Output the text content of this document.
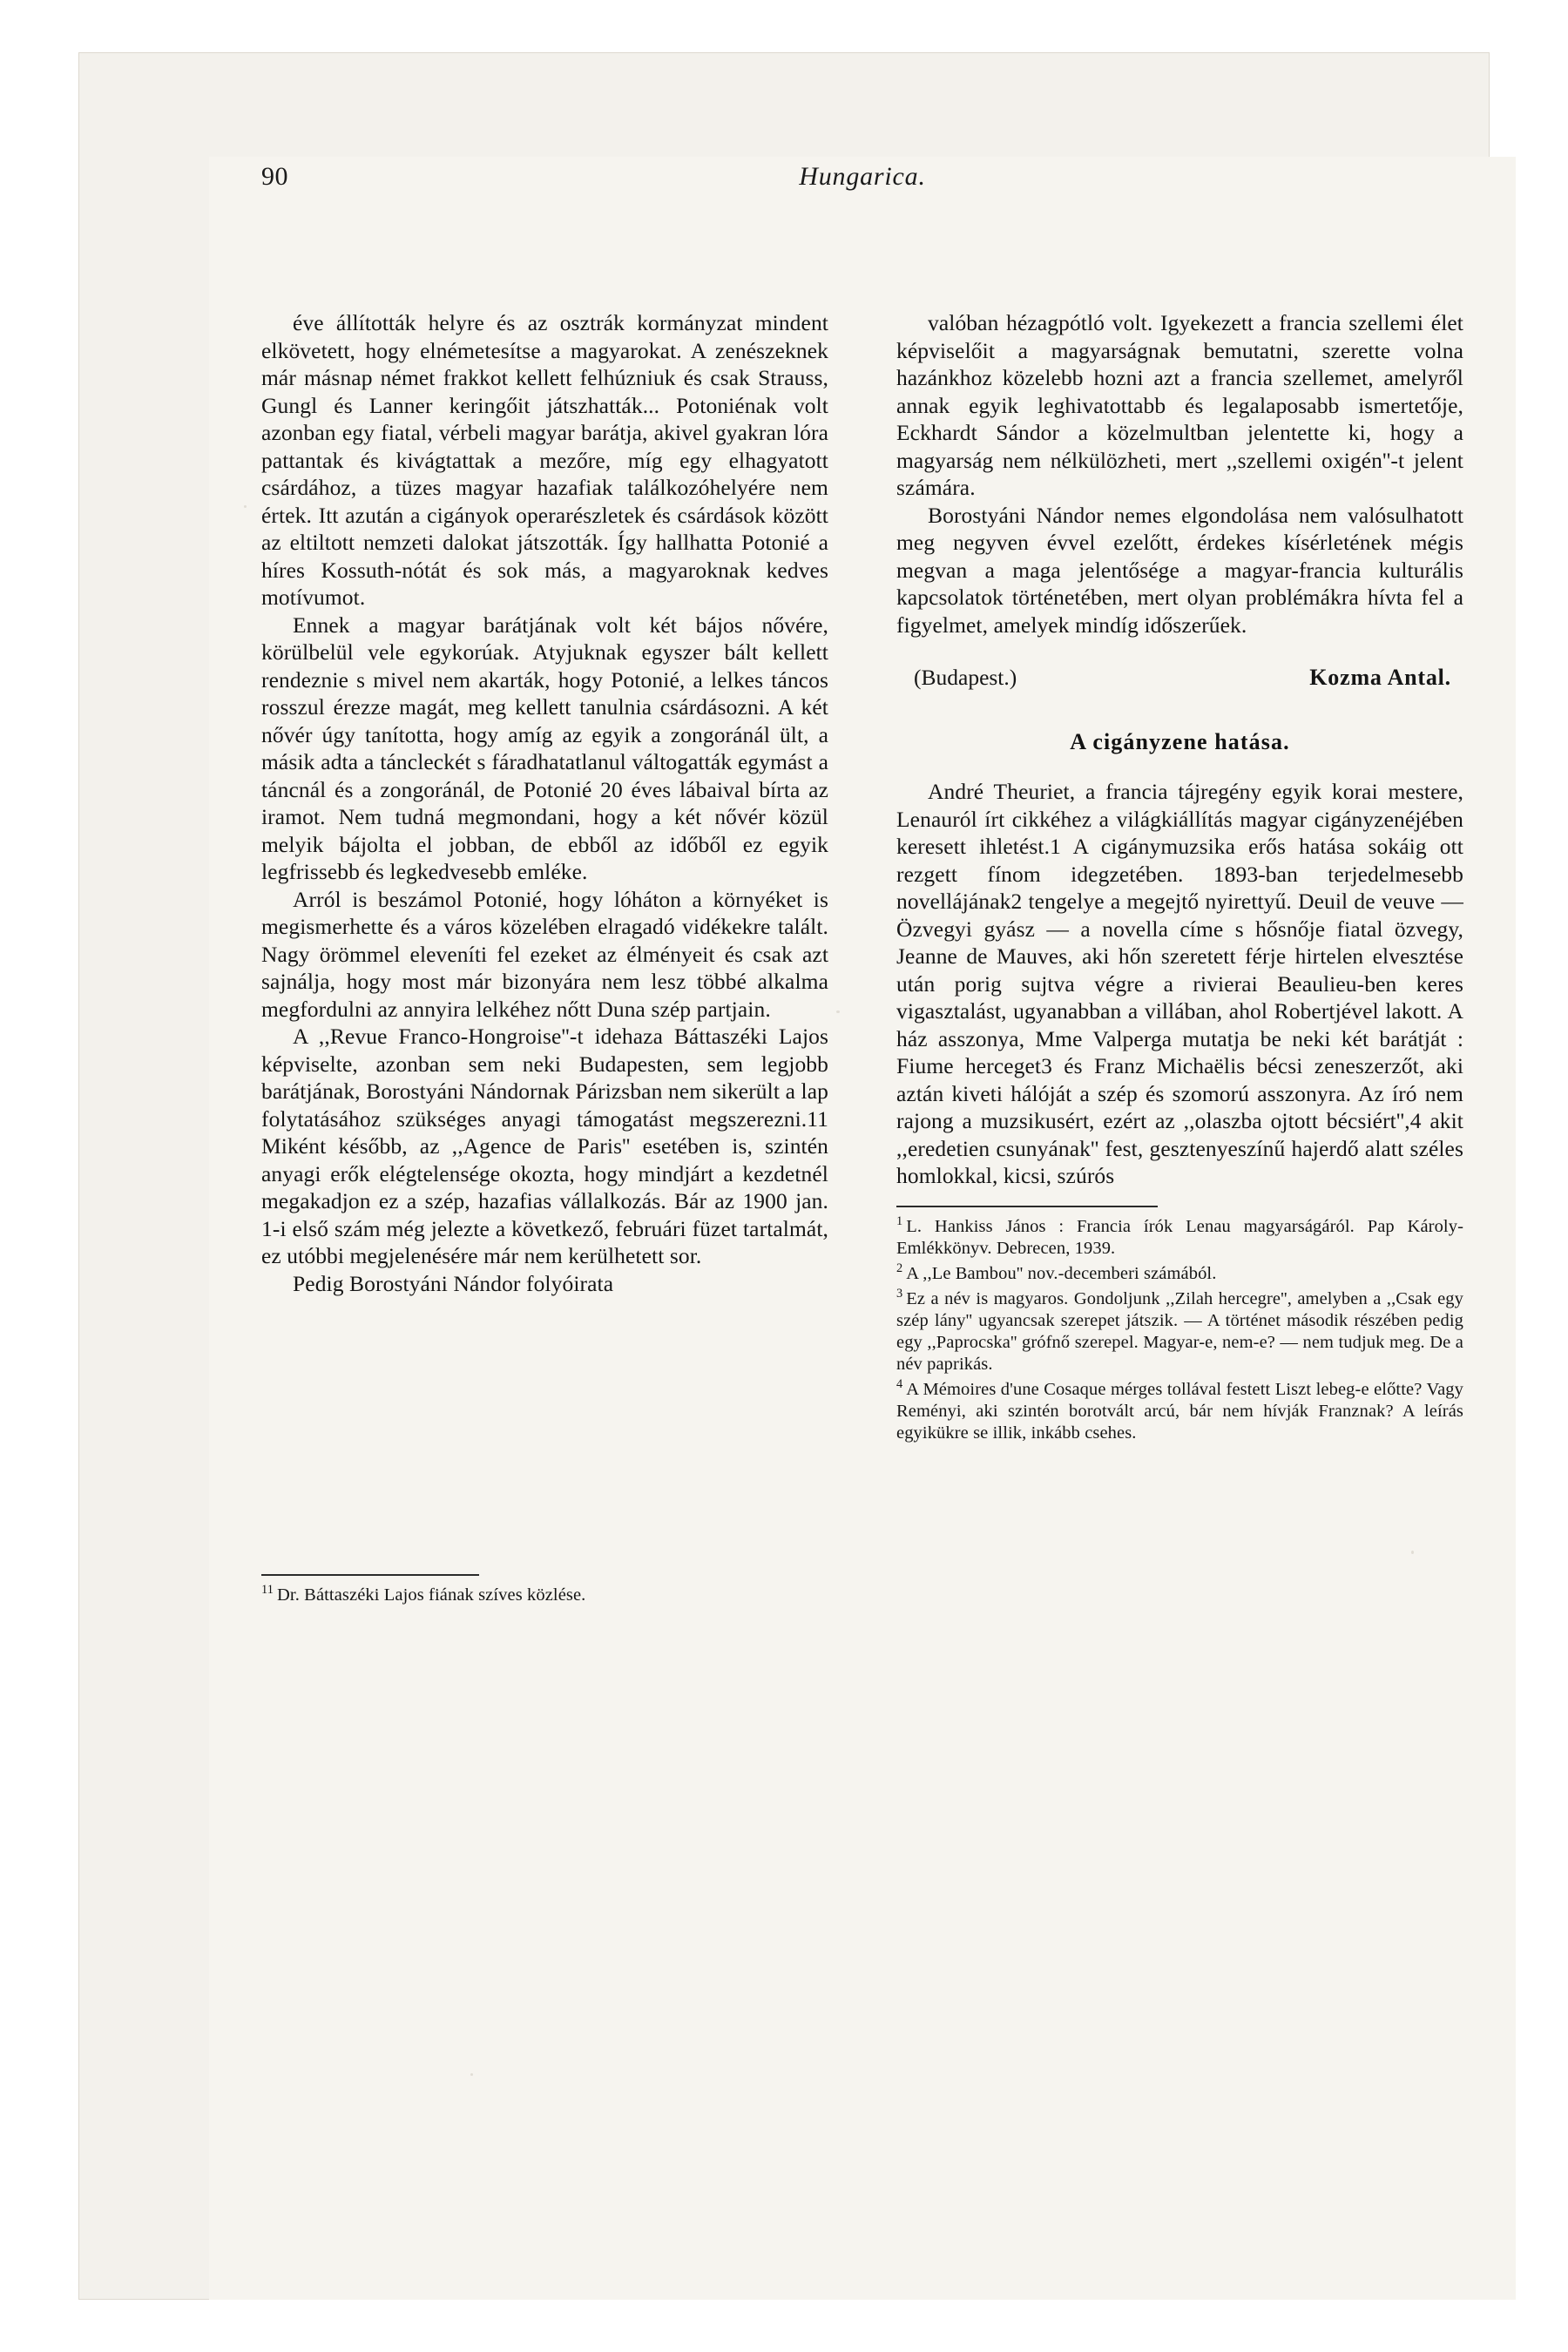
90	Hungarica.

éve állították helyre és az osztrák kormányzat mindent elkövetett, hogy elnémetesítse a magyarokat. A zenészeknek már másnap német frakkot kellett felhúzniuk és csak Strauss, Gungl és Lanner keringőit játszhatták... Potoniénak volt azonban egy fiatal, vérbeli magyar barátja, akivel gyakran lóra pattantak és kivágtattak a mezőre, míg egy elhagyatott csárdához, a tüzes magyar hazafiak találkozóhelyére nem értek. Itt azután a cigányok operarészletek és csárdások között az eltiltott nemzeti dalokat játszották. Így hallhatta Potonié a híres Kossuth-nótát és sok más, a magyaroknak kedves motívumot.

Ennek a magyar barátjának volt két bájos nővére, körülbelül vele egykorúak. Atyjuknak egyszer bált kellett rendeznie s mivel nem akarták, hogy Potonié, a lelkes táncos rosszul érezze magát, meg kellett tanulnia csárdásozni. A két nővér úgy tanította, hogy amíg az egyik a zongoránál ült, a másik adta a táncleckét s fáradhatatlanul váltogatták egymást a táncnál és a zongoránál, de Potonié 20 éves lábaival bírta az iramot. Nem tudná megmondani, hogy a két nővér közül melyik bájolta el jobban, de ebből az időből ez egyik legfrissebb és legkedvesebb emléke.

Arról is beszámol Potonié, hogy lóháton a környéket is megismerhette és a város közelében elragadó vidékekre talált. Nagy örömmel eleveníti fel ezeket az élményeit és csak azt sajnálja, hogy most már bizonyára nem lesz többé alkalma megfordulni az annyira lelkéhez nőtt Duna szép partjain.

A ,,Revue Franco-Hongroise''-t idehaza Báttaszéki Lajos képviselte, azonban sem neki Budapesten, sem legjobb barátjának, Borostyáni Nándornak Párizsban nem sikerült a lap folytatásához szükséges anyagi támogatást megszerezni.11 Miként később, az ,,Agence de Paris'' esetében is, szintén anyagi erők elégtelensége okozta, hogy mindjárt a kezdetnél megakadjon ez a szép, hazafias vállalkozás. Bár az 1900 jan. 1-i első szám még jelezte a következő, februári füzet tartalmát, ez utóbbi megjelenésére már nem kerülhetett sor.

Pedig Borostyáni Nándor folyóirata

$^{11}$ Dr. Báttaszéki Lajos fiának szíves közlése.

valóban hézagpótló volt. Igyekezett a francia szellemi élet képviselőit a magyarságnak bemutatni, szerette volna hazánkhoz közelebb hozni azt a francia szellemet, amelyről annak egyik leghivatottabb és legalaposabb ismertetője, Eckhardt Sándor a közelmultban jelentette ki, hogy a magyarság nem nélkülözheti, mert ,,szellemi oxigén''-t jelent számára.

Borostyáni Nándor nemes elgondolása nem valósulhatott meg negyven évvel ezelőtt, érdekes kísérletének mégis megvan a maga jelentősége a magyar-francia kulturális kapcsolatok történetében, mert olyan problémákra hívta fel a figyelmet, amelyek mindíg időszerűek.

(Budapest.)	Kozma Antal.
A cigányzene hatása.

André Theuriet, a francia tájregény egyik korai mestere, Lenauról írt cikkéhez a világkiállítás magyar cigányzenéjében keresett ihletést.1 A cigánymuzsika erős hatása sokáig ott rezgett fínom idegzetében. 1893-ban terjedelmesebb novellájának2 tengelye a megejtő nyirettyű. Deuil de veuve — Özvegyi gyász — a novella címe s hősnője fiatal özvegy, Jeanne de Mauves, aki hőn szeretett férje hirtelen elvesztése után porig sujtva végre a rivierai Beaulieu-ben keres vigasztalást, ugyanabban a villában, ahol Robertjével lakott. A ház asszonya, Mme Valperga mutatja be neki két barátját : Fiume herceget3 és Franz Michaëlis bécsi zeneszerzőt, aki aztán kiveti hálóját a szép és szomorú asszonyra. Az író nem rajong a muzsikusért, ezért az ,,olaszba ojtott bécsiért'',4 akit ,,eredetien csunyának'' fest, gesztenyeszínű hajerdő alatt széles homlokkal, kicsi, szúrós

$^1$ L. Hankiss János : Francia írók Lenau magyarságáról. Pap Károly-Emlékkönyv. Debrecen, 1939.

$^2$ A ,,Le Bambou'' nov.-decemberi számából.

$^3$ Ez a név is magyaros. Gondoljunk ,,Zilah hercegre'', amelyben a ,,Csak egy szép lány'' ugyancsak szerepet játszik. — A történet második részében pedig egy ,,Paprocska'' grófnő szerepel. Magyar-e, nem-e? — nem tudjuk meg. De a név paprikás.

$^4$ A Mémoires d'une Cosaque mérges tollával festett Liszt lebeg-e előtte? Vagy Reményi, aki szintén borotvált arcú, bár nem hívják Franznak? A leírás egyikükre se illik, inkább csehes.
